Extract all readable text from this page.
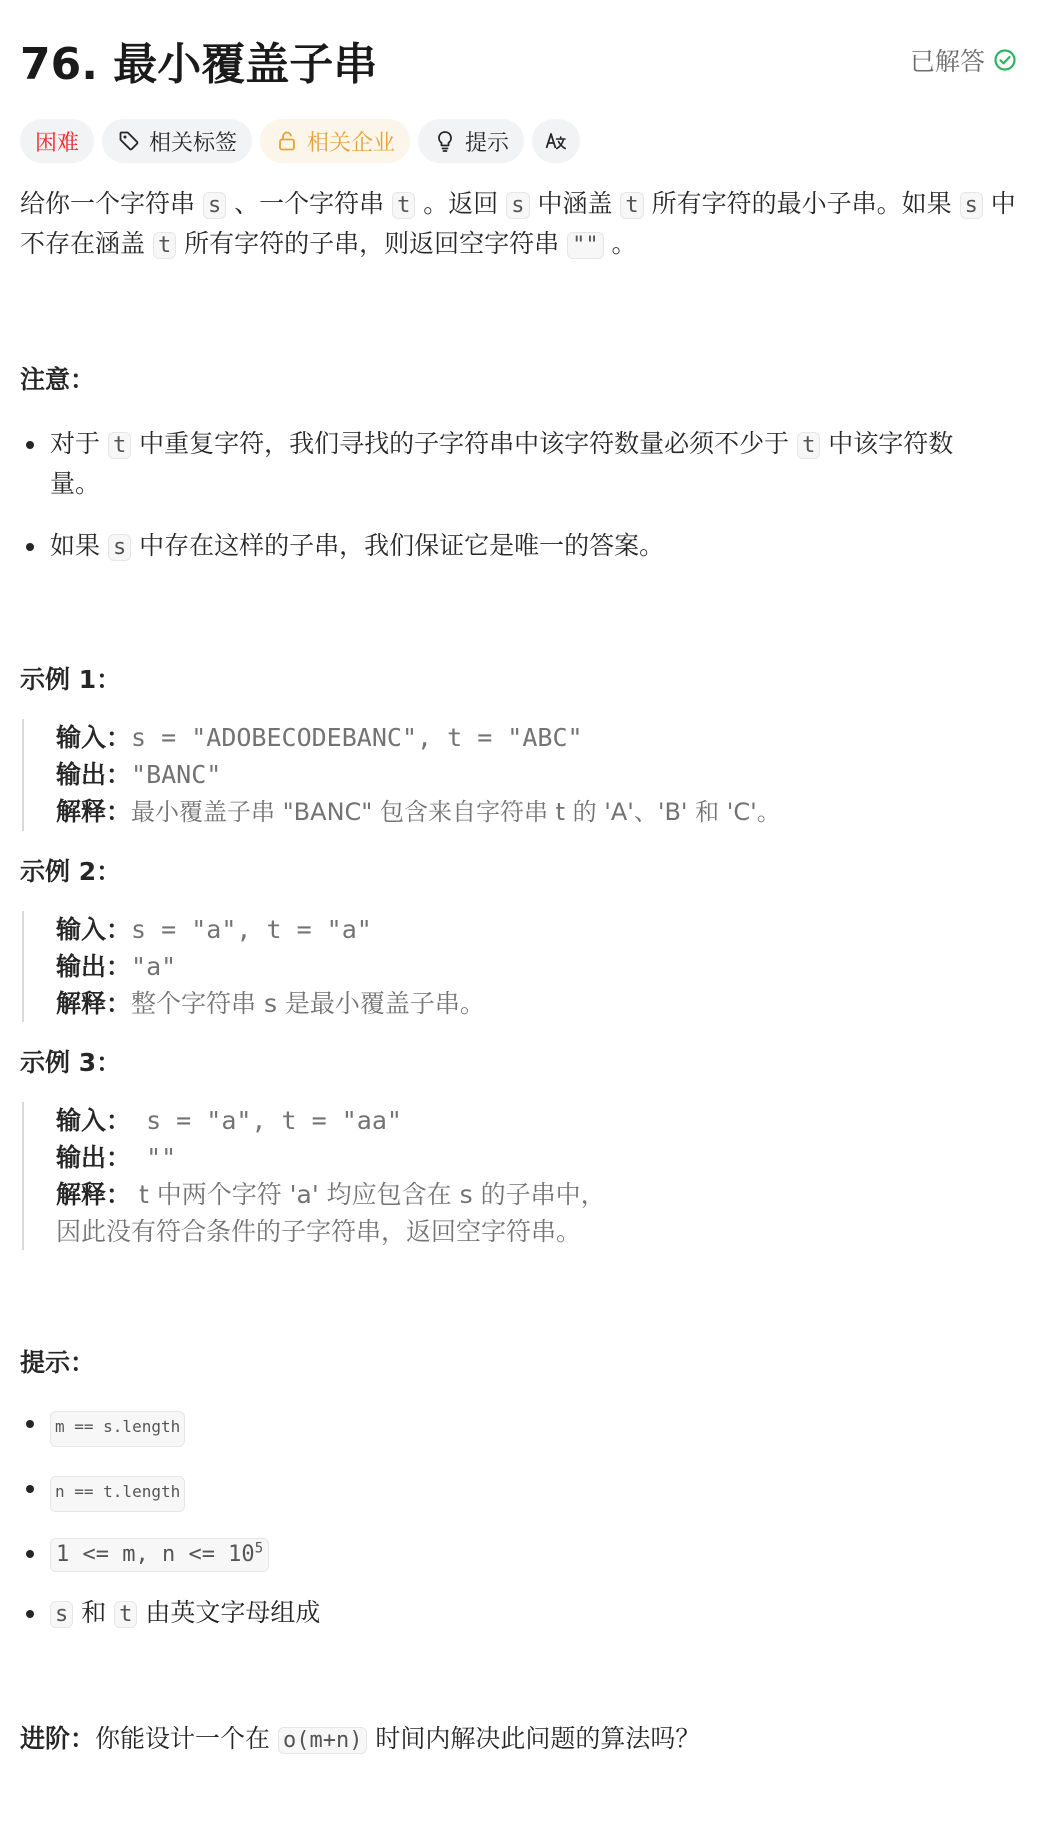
76. 最小覆盖子串	已解答
困难	相关标签	相关企业	提示

给你一个字符串 s 、一个字符串 t 。返回 s 中涵盖 t 所有字符的最小子串。如果 s 中不存在涵盖 t 所有字符的子串，则返回空字符串 "" 。

注意：
对于 t 中重复字符，我们寻找的子字符串中该字符数量必须不少于 t 中该字符数量。
如果 s 中存在这样的子串，我们保证它是唯一的答案。
示例 1：
输入：s = "ADOBECODEBANC", t = "ABC"
输出："BANC"
解释：最小覆盖子串 "BANC" 包含来自字符串 t 的 'A'、'B' 和 'C'。
示例 2：
输入：s = "a", t = "a"
输出："a"
解释：整个字符串 s 是最小覆盖子串。
示例 3：
输入： s = "a", t = "aa"
输出： ""
解释： t 中两个字符 'a' 均应包含在 s 的子串中，
因此没有符合条件的子字符串，返回空字符串。
提示：
m == s.length
n == t.length
1 <= m, $n <= 10^5$
s 和 t 由英文字母组成

进阶：你能设计一个在 o(m+n) 时间内解决此问题的算法吗？
